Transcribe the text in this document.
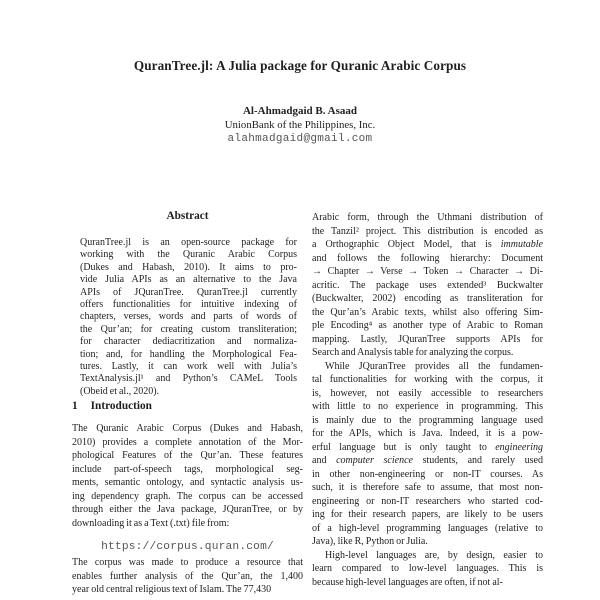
QuranTree.jl: A Julia package for Quranic Arabic Corpus
Al-Ahmadgaid B. Asaad
UnionBank of the Philippines, Inc.
alahmadgaid@gmail.com
Abstract
QuranTree.jl is an open-source package for
working with the Quranic Arabic Corpus
(Dukes and Habash, 2010). It aims to pro-
vide Julia APIs as an alternative to the Java
APIs of JQuranTree. QuranTree.jl currently
offers functionalities for intuitive indexing of
chapters, verses, words and parts of words of
the Qur’an; for creating custom transliteration;
for character dediacritization and normaliza-
tion; and, for handling the Morphological Fea-
tures. Lastly, it can work well with Julia’s
TextAnalysis.jl¹ and Python’s CAMeL Tools
(Obeid et al., 2020).
1 Introduction
The Quranic Arabic Corpus (Dukes and Habash,
2010) provides a complete annotation of the Mor-
phological Features of the Qur’an. These features
include part-of-speech tags, morphological seg-
ments, semantic ontology, and syntactic analysis us-
ing dependency graph. The corpus can be accessed
through either the Java package, JQuranTree, or by
downloading it as a Text (.txt) file from:
https://corpus.quran.com/
The corpus was made to produce a resource that
enables further analysis of the Qur’an, the 1,400
year old central religious text of Islam. The 77,430
Arabic form, through the Uthmani distribution of
the Tanzil² project. This distribution is encoded as
a Orthographic Object Model, that is immutable
and follows the following hierarchy: Document
→ Chapter → Verse → Token → Character → Di-
acritic. The package uses extended³ Buckwalter
(Buckwalter, 2002) encoding as transliteration for
the Qur’an’s Arabic texts, whilst also offering Sim-
ple Encoding⁴ as another type of Arabic to Roman
mapping. Lastly, JQuranTree supports APIs for
Search and Analysis table for analyzing the corpus.
While JQuranTree provides all the fundamen-
tal functionalities for working with the corpus, it
is, however, not easily accessible to researchers
with little to no experience in programming. This
is mainly due to the programming language used
for the APIs, which is Java. Indeed, it is a pow-
erful language but is only taught to engineering
and computer science students, and rarely used
in other non-engineering or non-IT courses. As
such, it is therefore safe to assume, that most non-
engineering or non-IT researchers who started cod-
ing for their research papers, are likely to be users
of a high-level programming languages (relative to
Java), like R, Python or Julia.
High-level languages are, by design, easier to
learn compared to low-level languages. This is
because high-level languages are often, if not al-
